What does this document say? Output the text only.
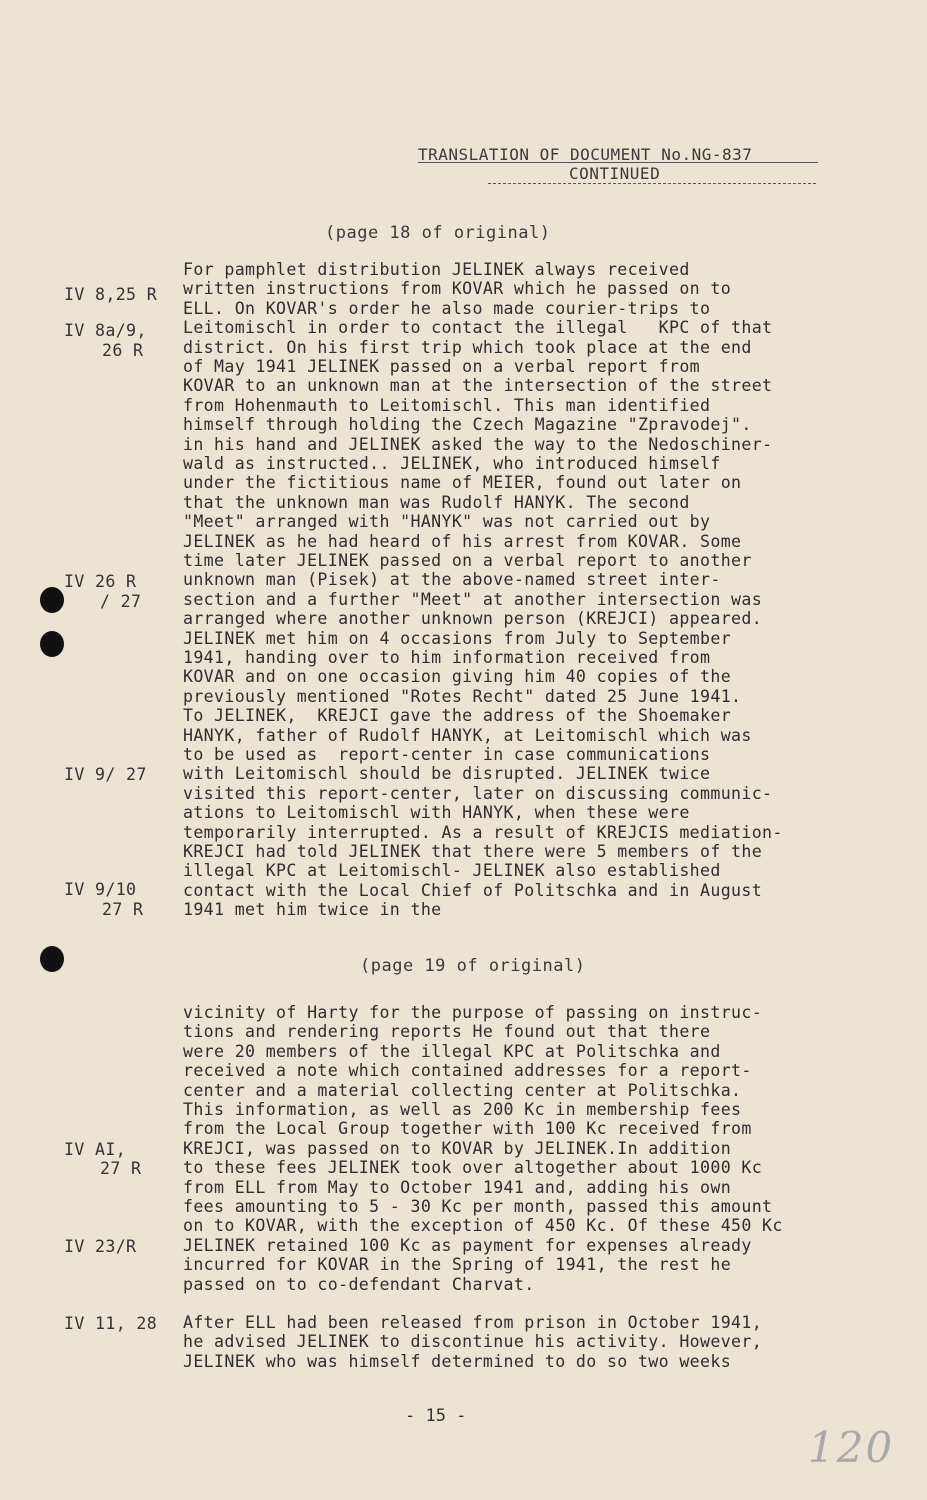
TRANSLATION OF DOCUMENT No.NG-837
CONTINUED
(page 18 of original)
For pamphlet distribution JELINEK always received
written instructions from KOVAR which he passed on to
ELL. On KOVAR's order he also made courier-trips to
Leitomischl in order to contact the illegal   KPC of that
district. On his first trip which took place at the end
of May 1941 JELINEK passed on a verbal report from
KOVAR to an unknown man at the intersection of the street
from Hohenmauth to Leitomischl. This man identified
himself through holding the Czech Magazine "Zpravodej".
in his hand and JELINEK asked the way to the Nedoschiner-
wald as instructed.. JELINEK, who introduced himself
under the fictitious name of MEIER, found out later on
that the unknown man was Rudolf HANYK. The second
"Meet" arranged with "HANYK" was not carried out by
JELINEK as he had heard of his arrest from KOVAR. Some
time later JELINEK passed on a verbal report to another
unknown man (Pisek) at the above-named street inter-
section and a further "Meet" at another intersection was
arranged where another unknown person (KREJCI) appeared.
JELINEK met him on 4 occasions from July to September
1941, handing over to him information received from
KOVAR and on one occasion giving him 40 copies of the
previously mentioned "Rotes Recht" dated 25 June 1941.
To JELINEK,  KREJCI gave the address of the Shoemaker
HANYK, father of Rudolf HANYK, at Leitomischl which was
to be used as  report-center in case communications
with Leitomischl should be disrupted. JELINEK twice
visited this report-center, later on discussing communic-
ations to Leitomischl with HANYK, when these were
temporarily interrupted. As a result of KREJCIS mediation-
KREJCI had told JELINEK that there were 5 members of the
illegal KPC at Leitomischl- JELINEK also established
contact with the Local Chief of Politschka and in August
1941 met him twice in the
(page 19 of original)
vicinity of Harty for the purpose of passing on instruc-
tions and rendering reports He found out that there
were 20 members of the illegal KPC at Politschka and
received a note which contained addresses for a report-
center and a material collecting center at Politschka.
This information, as well as 200 Kc in membership fees
from the Local Group together with 100 Kc received from
KREJCI, was passed on to KOVAR by JELINEK.In addition
to these fees JELINEK took over altogether about 1000 Kc
from ELL from May to October 1941 and, adding his own
fees amounting to 5 - 30 Kc per month, passed this amount
on to KOVAR, with the exception of 450 Kc. Of these 450 Kc
JELINEK retained 100 Kc as payment for expenses already
incurred for KOVAR in the Spring of 1941, the rest he
passed on to co-defendant Charvat.
After ELL had been released from prison in October 1941,
he advised JELINEK to discontinue his activity. However,
JELINEK who was himself determined to do so two weeks
IV 8,25 R
IV 8a/9,
26 R
IV 26 R
/ 27
IV 9/ 27
IV 9/10
27 R
IV AI,
27 R
IV 23/R
IV 11, 28
- 15 -
120
